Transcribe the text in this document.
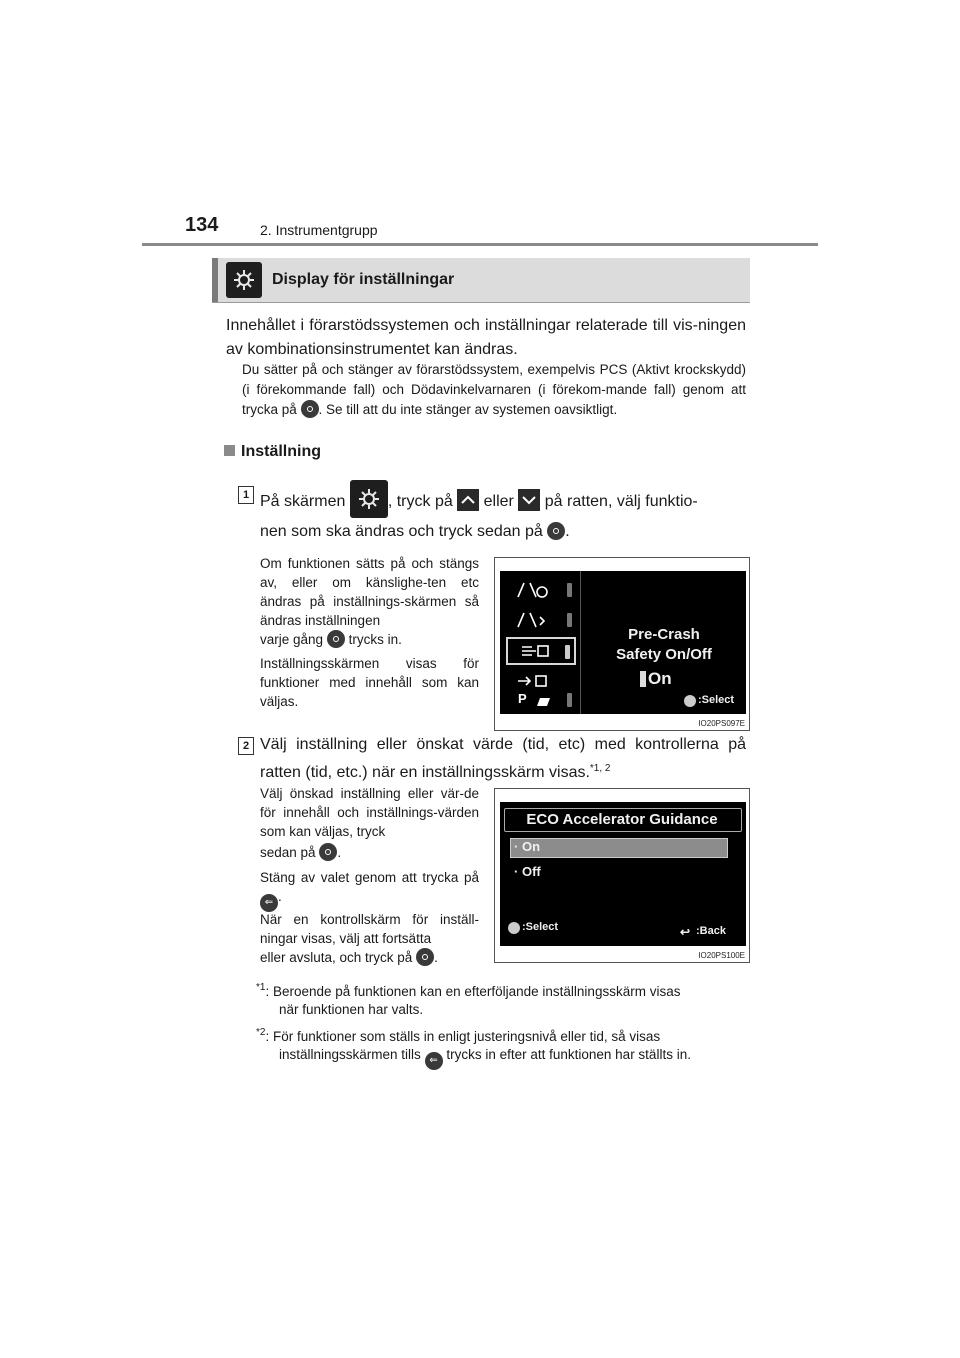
134	2. Instrumentgrupp
Display för inställningar
Innehållet i förarstödssystemen och inställningar relaterade till vis-ningen av kombinationsinstrumentet kan ändras.
Du sätter på och stänger av förarstödssystem, exempelvis PCS (Aktivt krockskydd) (i förekommande fall) och Dödavinkelvarnaren (i förekom-mande fall) genom att trycka på . Se till att du inte stänger av systemen oavsiktligt.
Inställning
1 På skärmen	, tryck på eller på ratten, välj funktio-
nen som ska ändras och tryck sedan på .
Om funktionen sätts på och stängs av, eller om känslighe-ten etc ändras på inställnings-skärmen så ändras inställningen
varje gång trycks in.
Inställningsskärmen visas för funktioner med innehåll som kan väljas.	P
Pre-Crash
Safety On/Off
On
:Select
IO20PS097E
2 Välj inställning eller önskat värde (tid, etc) med kontrollerna på ratten (tid, etc.) när en inställningsskärm visas.$^{*1, 2}$
Välj önskad inställning eller vär-de för innehåll och inställnings-värden som kan väljas, tryck
sedan på .
Stäng av valet genom att trycka på ⇐ .
När en kontrollskärm för inställ-ningar visas, välj att fortsätta
eller avsluta, och tryck på .
ECO Accelerator Guidance
· On
· Off
:Select	↩ :Back
IO20PS100E
$^{*1}$: Beroende på funktionen kan en efterföljande inställningsskärm visas
när funktionen har valts.
$^{*2}$: För funktioner som ställs in enligt justeringsnivå eller tid, så visas
inställningsskärmen tills ⇐ trycks in efter att funktionen har ställts in.
